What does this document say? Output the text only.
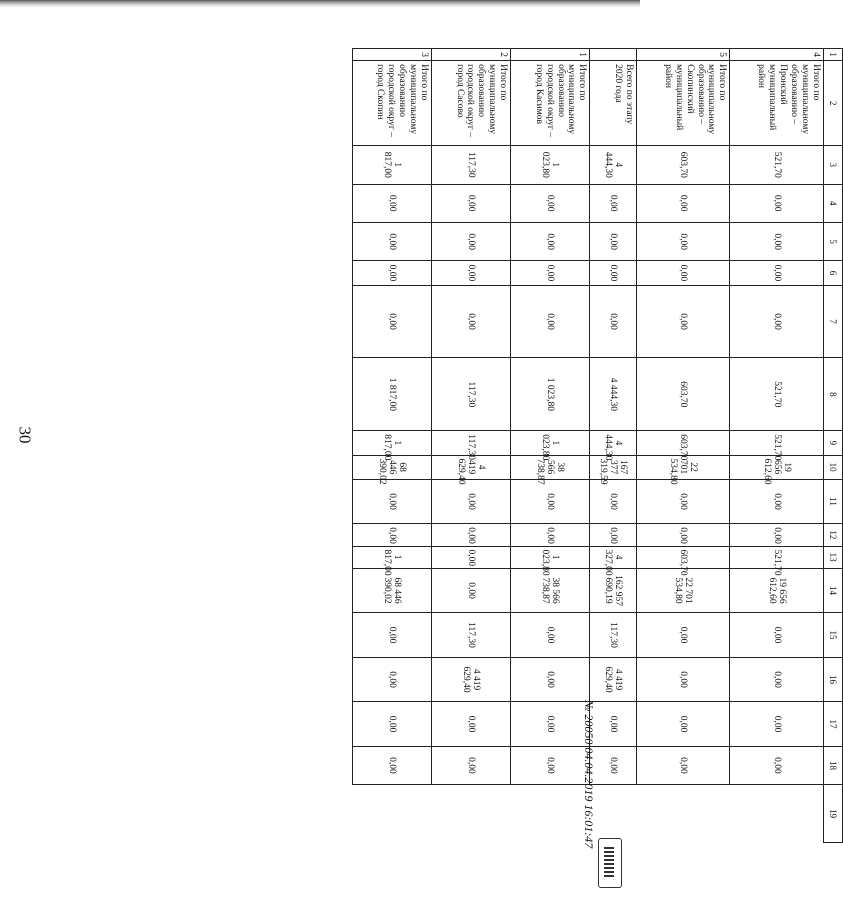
30
1	2	3	4	5	6	7	8	9	10	11	12	13	14	15	16	17	18	19
4	Итого по муниципальному образованию – Пронский муниципальный район	521,70	0,00	0,00	0,00	0,00	521,70	521,70	19 656 612,60	0,00	0,00	521,70	19 656 612,60	0,00	0,00	0,00	0,00	
5	Итого по муниципальному образованию – Скопинский муниципальный район	603,70	0,00	0,00	0,00	0,00	603,70	603,70	22 701 534,80	0,00	0,00	603,70	22 701 534,80	0,00	0,00	0,00	0,00	
	Всего по этапу 2020 года	4 444,30	0,00	0,00	0,00	0,00	4 444,30	4 444,30	167 377 319,59	0,00	0,00	4 327,00	162 957 690,19	117,30	4 419 629,40	0,00	0,00	
1	Итого по муниципальному образованию городской округ – город Касимов	1 023,80	0,00	0,00	0,00	0,00	1 023,80	1 023,80	38 566 738,87	0,00	0,00	1 023,80	38 566 738,87	0,00	0,00	0,00	0,00	
2	Итого по муниципальному образованию городской округ – город Сасово	117,30	0,00	0,00	0,00	0,00	117,30	117,30	4 419 629,40	0,00	0,00	0,00	0,00	117,30	4 419 629,40	0,00	0,00	
3	Итого по муниципальному образованию городской округ – город Скопин	1 817,00	0,00	0,00	0,00	0,00	1 817,00	1 817,00	68 446 390,02	0,00	0,00	1 817,00	68 446 390,02	0,00	0,00	0,00	0,00		№ 20050 04.04.2019 16:01:47
